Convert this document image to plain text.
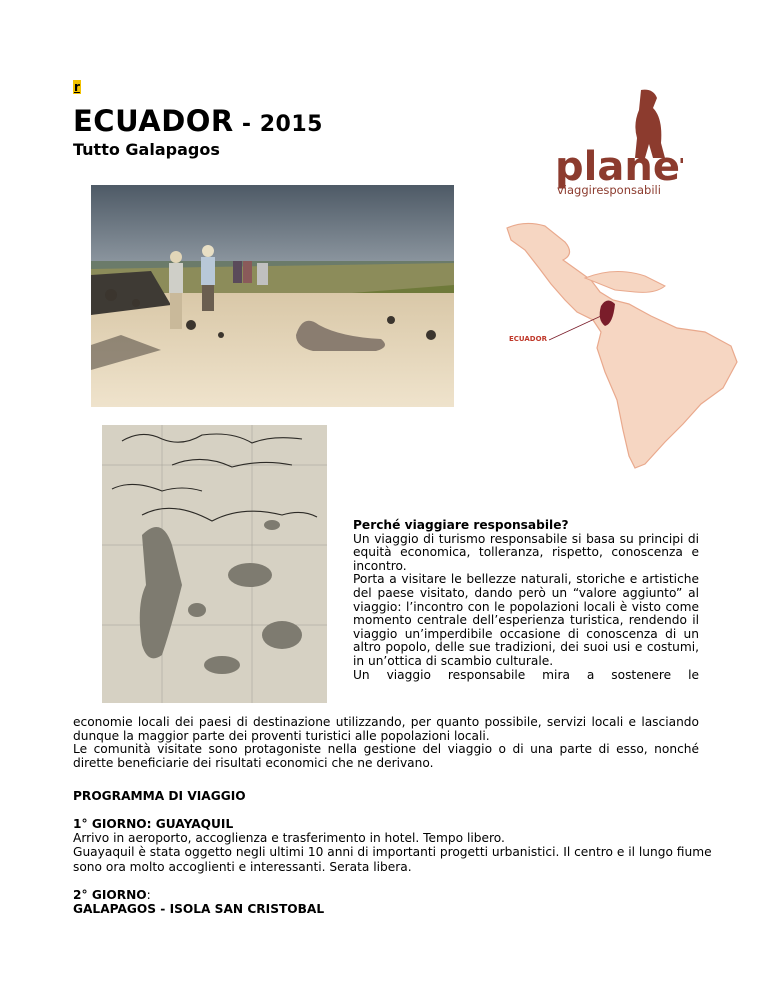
r
ECUADOR - 2015
Tutto Galapagos	plane
viaggiresponsabili
ECUADOR

Perché viaggiare responsabile?

Un viaggio di turismo responsabile si basa su principi di equità economica, tolleranza, rispetto, conoscenza e incontro.

Porta a visitare le bellezze naturali, storiche e artistiche del paese visitato, dando però un “valore aggiunto” al viaggio: l’incontro con le popolazioni locali è visto come momento centrale dell’esperienza turistica, rendendo il viaggio un’imperdibile occasione di conoscenza di un altro popolo, delle sue tradizioni, dei suoi usi e costumi, in un’ottica di scambio culturale.

Un viaggio responsabile mira a sostenere le

economie locali dei paesi di destinazione utilizzando, per quanto possibile, servizi locali e lasciando dunque la maggior parte dei proventi turistici alle popolazioni locali.

Le comunità visitate sono protagoniste nella gestione del viaggio o di una parte di esso, nonché dirette beneficiarie dei risultati economici che ne derivano.

PROGRAMMA DI VIAGGIO
1° GIORNO: GUAYAQUIL

Arrivo in aeroporto, accoglienza e trasferimento in hotel. Tempo libero.

Guayaquil è stata oggetto negli ultimi 10 anni di importanti progetti urbanistici. Il centro e il lungo fiume sono ora molto accoglienti e interessanti. Serata libera.

2° GIORNO:
GALAPAGOS - ISOLA SAN CRISTOBAL
